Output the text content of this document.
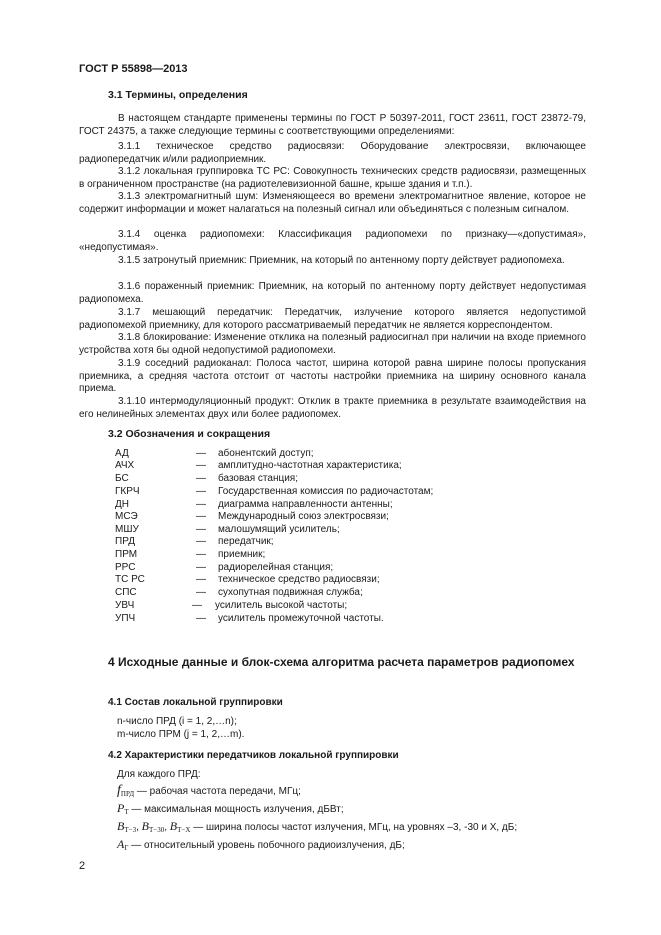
ГОСТ Р 55898—2013
3.1 Термины, определения

В настоящем стандарте применены термины по ГОСТ Р 50397-2011, ГОСТ 23611, ГОСТ 23872-79, ГОСТ 24375, а также следующие термины с соответствующими определениями:

3.1.1 техническое средство радиосвязи: Оборудование электросвязи, включающее радиопередатчик и/или радиоприемник.

3.1.2 локальная группировка ТС РС: Совокупность технических средств радиосвязи, размещенных в ограниченном пространстве (на радиотелевизионной башне, крыше здания и т.п.).

3.1.3 электромагнитный шум: Изменяющееся во времени электромагнитное явление, которое не содержит информации и может налагаться на полезный сигнал или объединяться с полезным сигналом.

3.1.4 оценка радиопомехи: Классификация радиопомехи по признаку—«допустимая», «недопустимая».

3.1.5 затронутый приемник: Приемник, на который по антенному порту действует радиопомеха.

3.1.6 пораженный приемник: Приемник, на который по антенному порту действует недопустимая радиопомеха.

3.1.7 мешающий передатчик: Передатчик, излучение которого является недопустимой радиопомехой приемнику, для которого рассматриваемый передатчик не является корреспондентом.

3.1.8 блокирование: Изменение отклика на полезный радиосигнал при наличии на входе приемного устройства хотя бы одной недопустимой радиопомехи.

3.1.9 соседний радиоканал: Полоса частот, ширина которой равна ширине полосы пропускания приемника, а средняя частота отстоит от частоты настройки приемника на ширину основного канала приема.

3.1.10 интермодуляционный продукт: Отклик в тракте приемника в результате взаимодействия на его нелинейных элементах двух или более радиопомех.

3.2 Обозначения и сокращения
АД	— абонентский доступ;
АЧХ	— амплитудно-частотная характеристика;
БС	— базовая станция;
ГКРЧ	— Государственная комиссия по радиочастотам;
ДН	— диаграмма направленности антенны;
МСЭ	— Международный союз электросвязи;
МШУ	— малошумящий усилитель;
ПРД	— передатчик;
ПРМ	— приемник;
РРС	— радиорелейная станция;
ТС РС	— техническое средство радиосвязи;
СПС	— сухопутная подвижная служба;
УВЧ	— усилитель высокой частоты;
УПЧ	— усилитель промежуточной частоты.

4 Исходные данные и блок-схема алгоритма расчета параметров радиопомех

4.1 Состав локальной группировки
n-число ПРД (i = 1, 2,…n);
m-число ПРМ (j = 1, 2,…m).
4.2 Характеристики передатчиков локальной группировки
Для каждого ПРД:
$f_{ПРД}$ — рабочая частота передачи, МГц;
$P_T$ — максимальная мощность излучения, дБВт;
$B_{T-3}$, $B_{T-30}$, $B_{T-X}$ — ширина полосы частот излучения, МГц, на уровнях –3, -30 и X, дБ;
$A_Г$ — относительный уровень побочного радиоизлучения, дБ;
2
